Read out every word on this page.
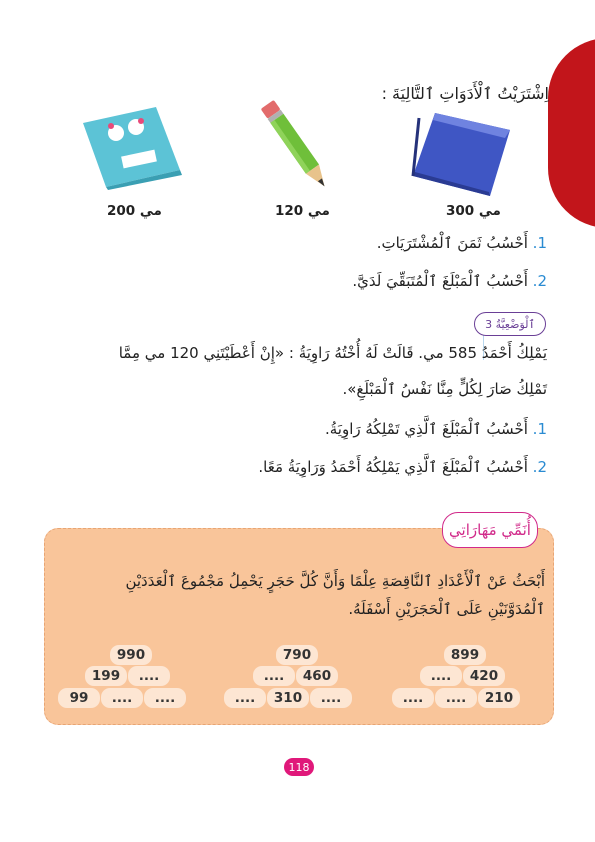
اِشْتَرَيْتُ ٱلْأَدَوَاتِ ٱلتَّالِيَةَ :
300 مي
120 مي
200 مي
1. أَحْسُبُ ثَمَنَ ٱلْمُشْتَرَيَاتِ.
2. أَحْسُبُ ٱلْمَبْلَغَ ٱلْمُتَبَقِّيَ لَدَيَّ.
ٱلْوَضْعِيَّةُ 3
يَمْلِكُ أَحْمَدُ 585 مي. قَالَتْ لَهُ أُخْتُهُ رَاوِيَةُ : «إِنْ أَعْطَيْتَنِي 120 مي مِمَّا
تَمْلِكُ صَارَ لِكُلٍّ مِنَّا نَفْسُ ٱلْمَبْلَغِ».
1. أَحْسُبُ ٱلْمَبْلَغَ ٱلَّذِي تَمْلِكُهُ رَاوِيَةُ.
2. أَحْسُبُ ٱلْمَبْلَغَ ٱلَّذِي يَمْلِكُهُ أَحْمَدُ وَرَاوِيَةُ مَعًا.
أُنَمِّي مَهَارَاتِي
أَبْحَثُ عَنْ ٱلْأَعْدَادِ ٱلنَّاقِصَةِ عِلْمًا وَأَنَّ كُلَّ حَجَرٍ يَحْمِلُ مَجْمُوعَ ٱلْعَدَدَيْنِ
ٱلْمُدَوَّنَيْنِ عَلَى ٱلْحَجَرَيْنِ أَسْفَلَهُ.
899
420
....
210
....
....
790
460
....
....
310
....
990
....
199
....
....
99
118
